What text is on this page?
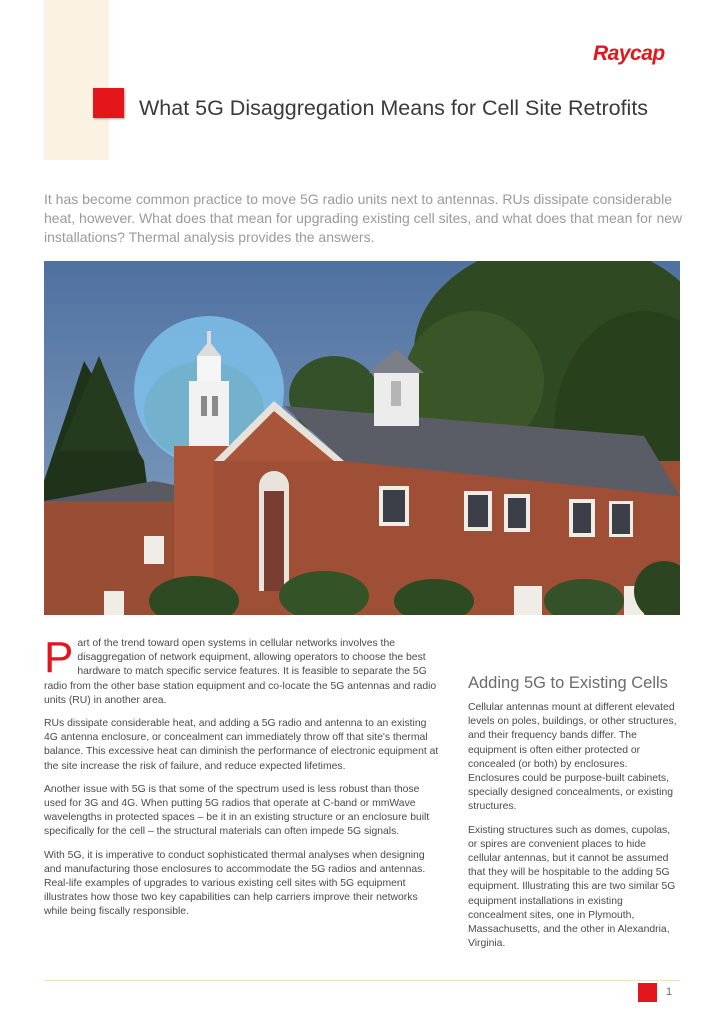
Raycap
What 5G Disaggregation Means for Cell Site Retrofits

It has become common practice to move 5G radio units next to antennas. RUs dissipate considerable heat, however. What does that mean for upgrading existing cell sites, and what does that mean for new installations? Thermal analysis provides the answers.

Part of the trend toward open systems in cellular networks involves the disaggregation of network equipment, allowing operators to choose the best hardware to match specific service features. It is feasible to separate the 5G radio from the other base station equipment and co-locate the 5G antennas and radio units (RU) in another area.

RUs dissipate considerable heat, and adding a 5G radio and antenna to an existing 4G antenna enclosure, or concealment can immediately throw off that site's thermal balance. This excessive heat can diminish the performance of electronic equipment at the site increase the risk of failure, and reduce expected lifetimes.

Another issue with 5G is that some of the spectrum used is less robust than those used for 3G and 4G. When putting 5G radios that operate at C-band or mmWave wavelengths in protected spaces – be it in an existing structure or an enclosure built specifically for the cell – the structural materials can often impede 5G signals.

With 5G, it is imperative to conduct sophisticated thermal analyses when designing and manufacturing those enclosures to accommodate the 5G radios and antennas. Real-life examples of upgrades to various existing cell sites with 5G equipment illustrates how those two key capabilities can help carriers improve their networks while being fiscally responsible.

Adding 5G to Existing Cells

Cellular antennas mount at different elevated levels on poles, buildings, or other structures, and their frequency bands differ. The equipment is often either protected or concealed (or both) by enclosures. Enclosures could be purpose-built cabinets, specially designed concealments, or existing structures.

Existing structures such as domes, cupolas, or spires are convenient places to hide cellular antennas, but it cannot be assumed that they will be hospitable to the adding 5G equipment. Illustrating this are two similar 5G equipment installations in existing concealment sites, one in Plymouth, Massachusetts, and the other in Alexandria, Virginia.

1
